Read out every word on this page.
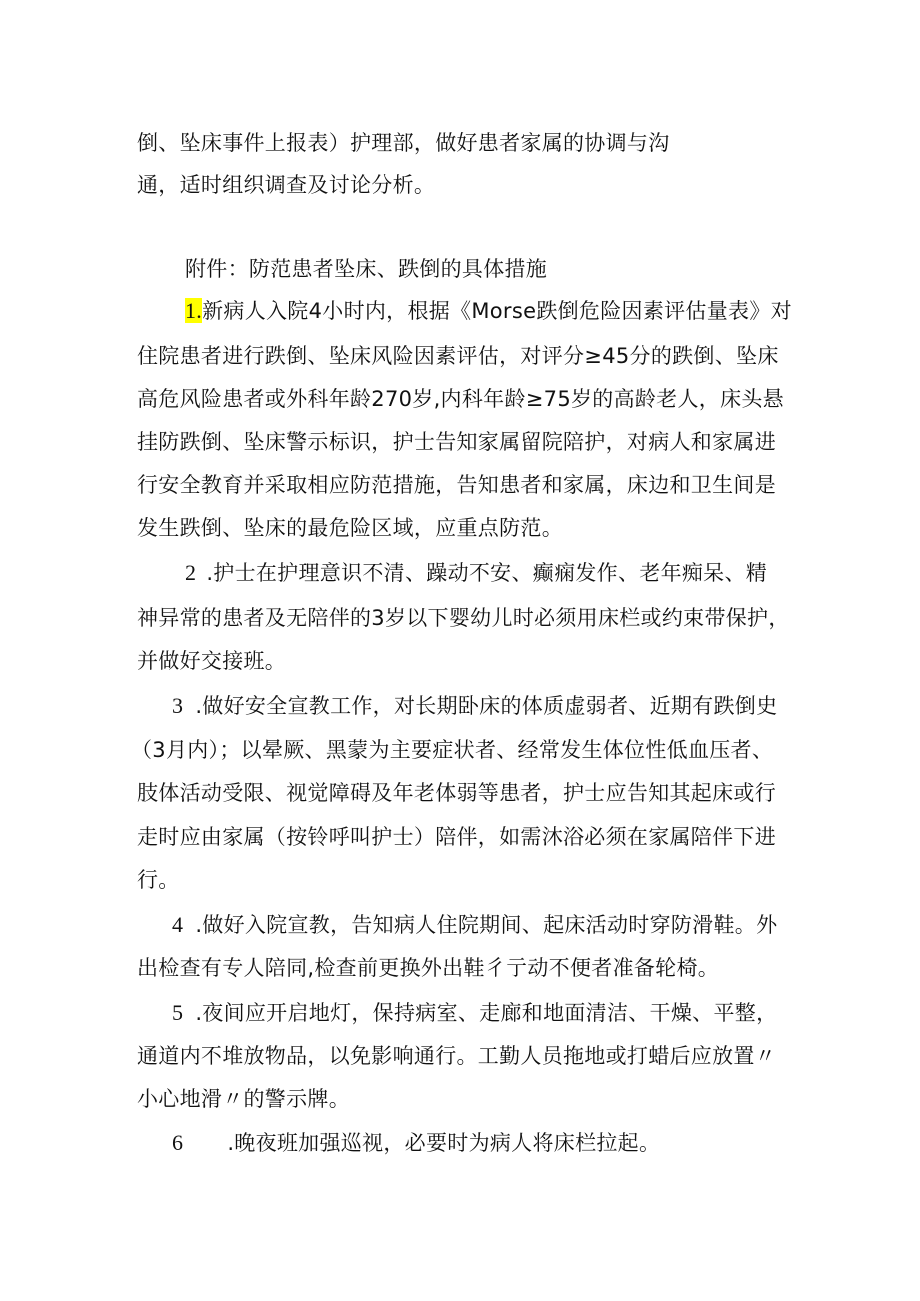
倒、坠床事件上报表）护理部，做好患者家属的协调与沟

通，适时组织调查及讨论分析。

附件：防范患者坠床、跌倒的具体措施

1.新病人入院4小时内，根据《Morse跌倒危险因素评估量表》对

住院患者进行跌倒、坠床风险因素评估，对评分≥45分的跌倒、坠床

高危风险患者或外科年龄270岁,内科年龄≥75岁的高龄老人，床头悬

挂防跌倒、坠床警示标识，护士告知家属留院陪护，对病人和家属进

行安全教育并采取相应防范措施，告知患者和家属，床边和卫生间是

发生跌倒、坠床的最危险区域，应重点防范。

2 .护士在护理意识不清、躁动不安、癫痫发作、老年痴呆、精

神异常的患者及无陪伴的3岁以下婴幼儿时必须用床栏或约束带保护，

并做好交接班。

3 .做好安全宣教工作，对长期卧床的体质虚弱者、近期有跌倒史

（3月内）；以晕厥、黑蒙为主要症状者、经常发生体位性低血压者、

肢体活动受限、视觉障碍及年老体弱等患者，护士应告知其起床或行

走时应由家属（按铃呼叫护士）陪伴，如需沐浴必须在家属陪伴下进

行。

4 .做好入院宣教，告知病人住院期间、起床活动时穿防滑鞋。外

出检查有专人陪同,检查前更换外出鞋彳亍动不便者准备轮椅。

5 .夜间应开启地灯，保持病室、走廊和地面清洁、干燥、平整，

通道内不堆放物品，以免影响通行。工勤人员拖地或打蜡后应放置〃

小心地滑〃的警示牌。

6 .晚夜班加强巡视，必要时为病人将床栏拉起。
